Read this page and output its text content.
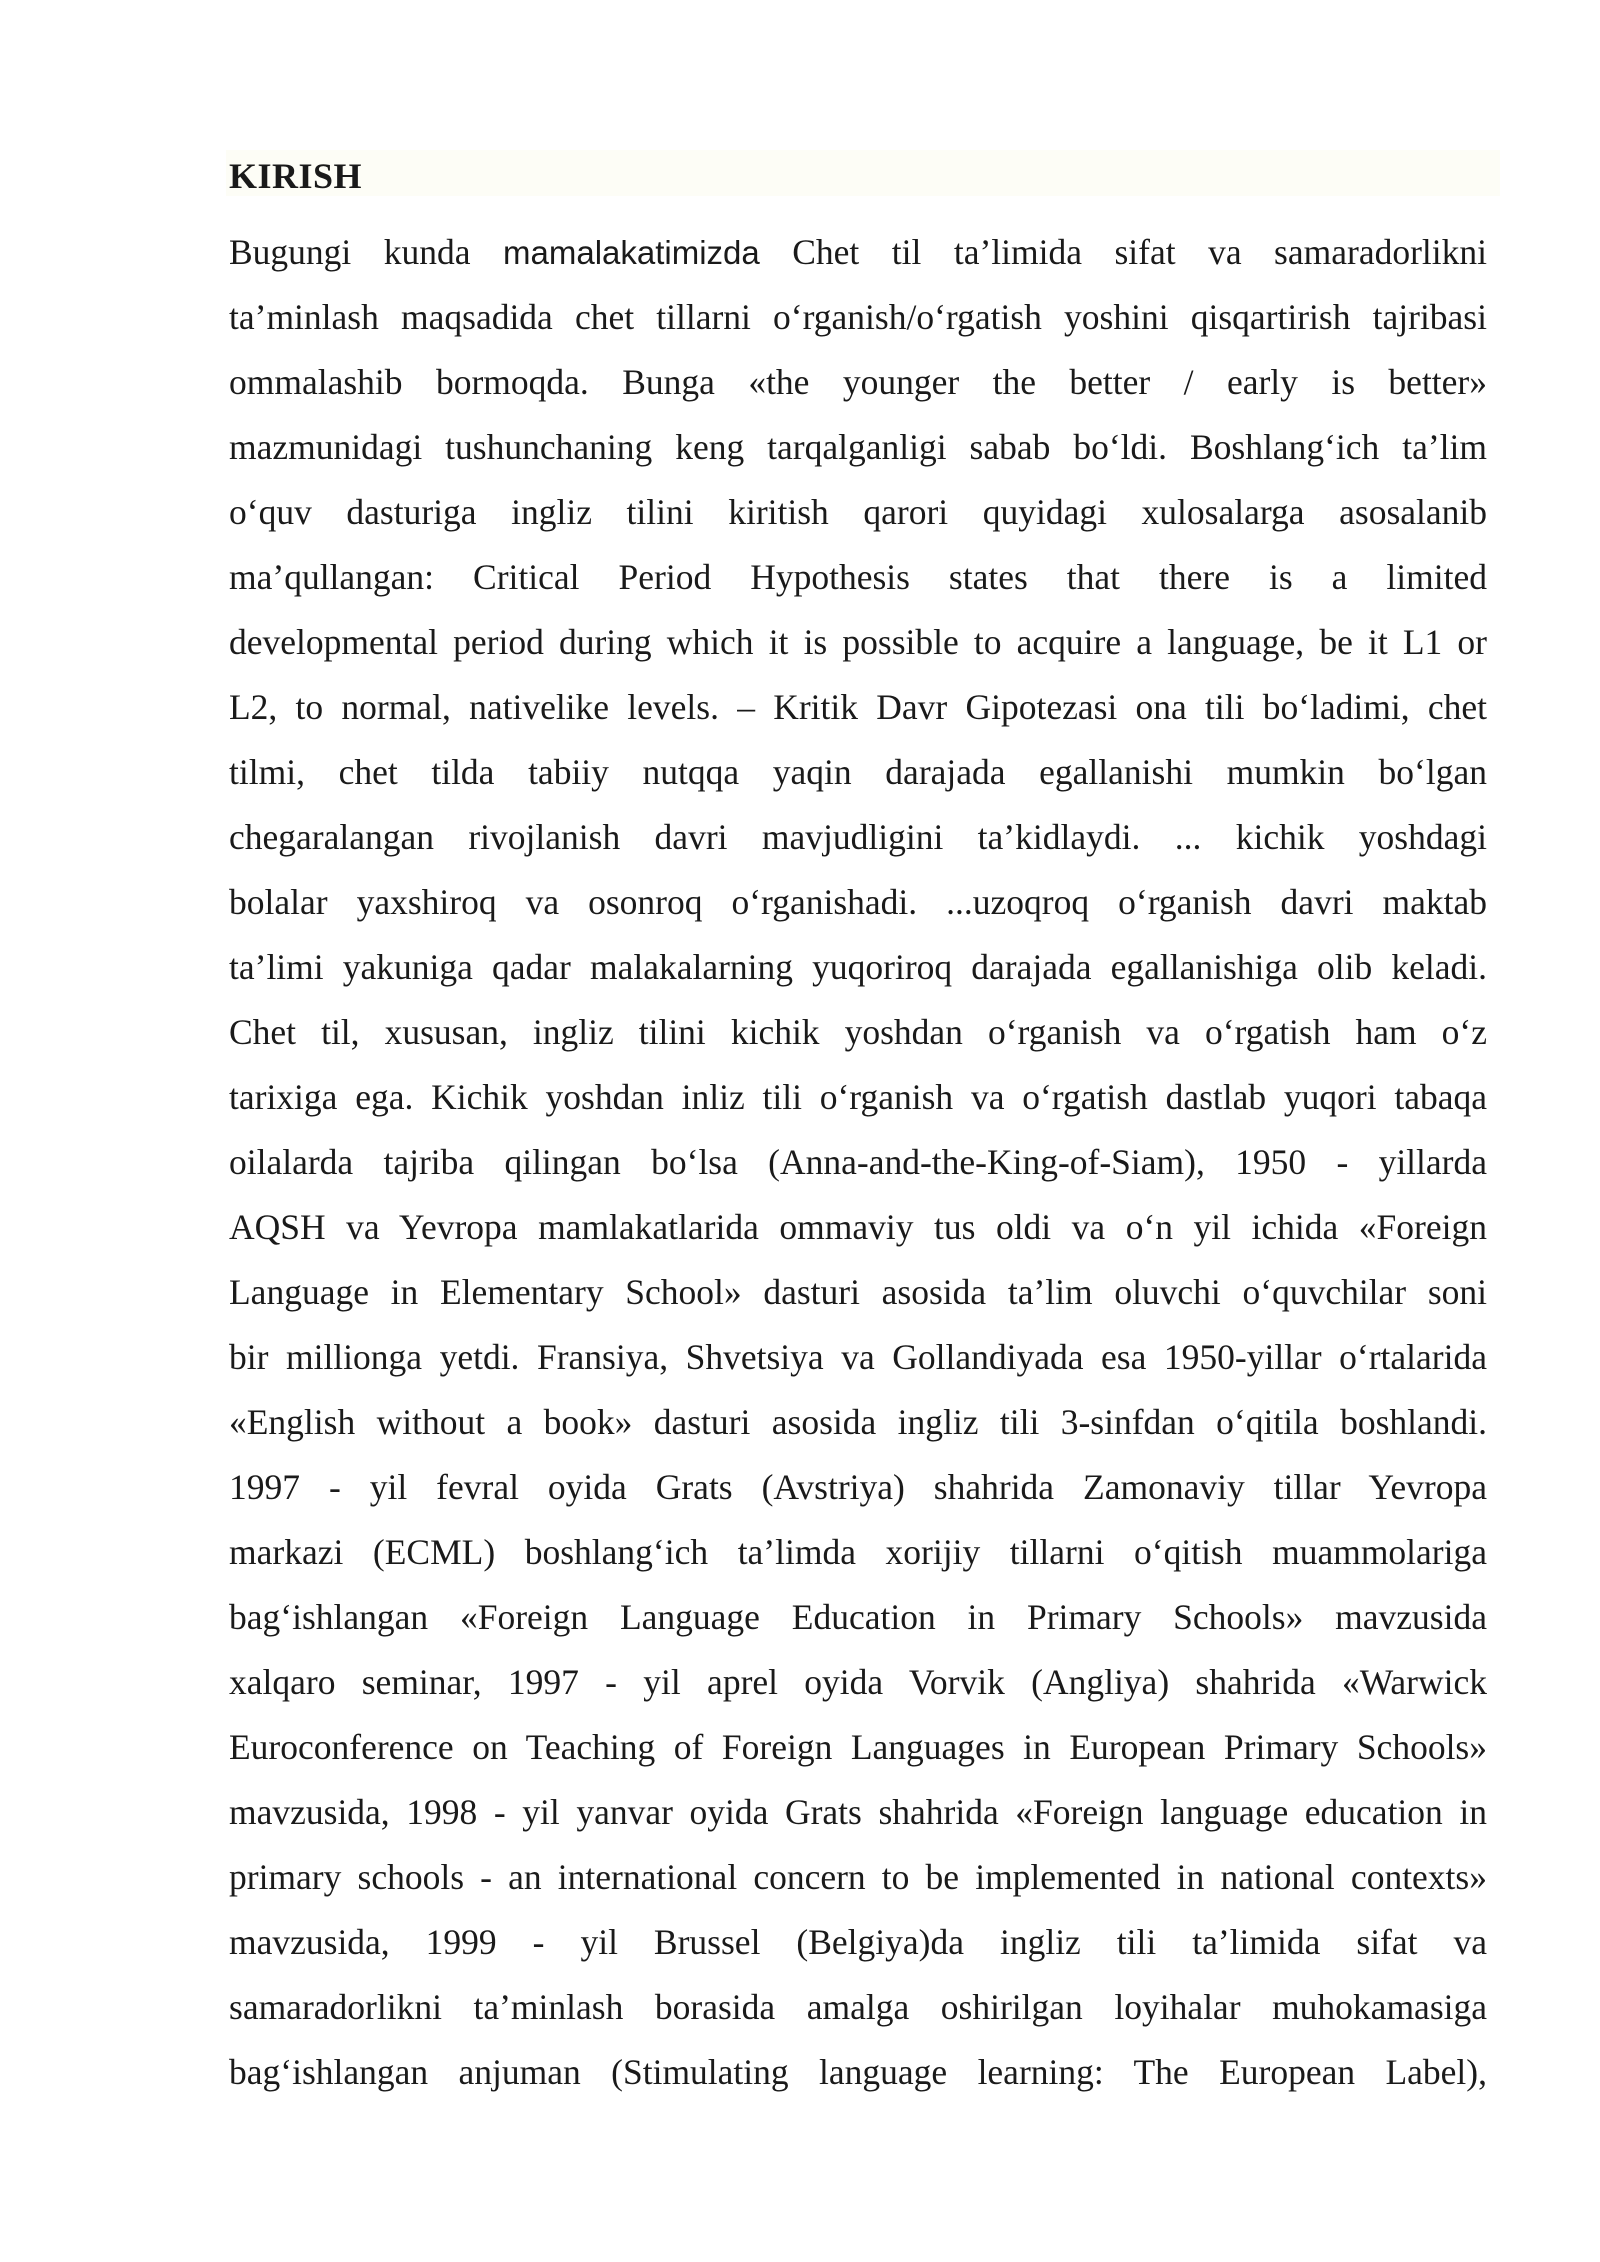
KIRISH
Bugungi kunda mamalakatimizda Chet til ta’limida sifat va samaradorlikni
ta’minlash maqsadida chet tillarni o‘rganish/o‘rgatish yoshini qisqartirish tajribasi
ommalashib bormoqda. Bunga «the younger the better / early is better»
mazmunidagi tushunchaning keng tarqalganligi sabab bo‘ldi. Boshlang‘ich ta’lim
o‘quv dasturiga ingliz tilini kiritish qarori quyidagi xulosalarga asosalanib
ma’qullangan: Critical Period Hypothesis states that there is a limited
developmental period during which it is possible to acquire a language, be it L1 or
L2, to normal, nativelike levels. – Kritik Davr Gipotezasi ona tili bo‘ladimi, chet
tilmi, chet tilda tabiiy nutqqa yaqin darajada egallanishi mumkin bo‘lgan
chegaralangan rivojlanish davri mavjudligini ta’kidlaydi. ... kichik yoshdagi
bolalar yaxshiroq va osonroq o‘rganishadi. ...uzoqroq o‘rganish davri maktab
ta’limi yakuniga qadar malakalarning yuqoriroq darajada egallanishiga olib keladi.
Chet til, xususan, ingliz tilini kichik yoshdan o‘rganish va o‘rgatish ham o‘z
tarixiga ega. Kichik yoshdan inliz tili o‘rganish va o‘rgatish dastlab yuqori tabaqa
oilalarda tajriba qilingan bo‘lsa (Anna-and-the-King-of-Siam), 1950 - yillarda
AQSH va Yevropa mamlakatlarida ommaviy tus oldi va o‘n yil ichida «Foreign
Language in Elementary School» dasturi asosida ta’lim oluvchi o‘quvchilar soni
bir millionga yetdi. Fransiya, Shvetsiya va Gollandiyada esa 1950-yillar o‘rtalarida
«English without a book» dasturi asosida ingliz tili 3-sinfdan o‘qitila boshlandi.
1997 - yil fevral oyida Grats (Avstriya) shahrida Zamonaviy tillar Yevropa
markazi (ECML) boshlang‘ich ta’limda xorijiy tillarni o‘qitish muammolariga
bag‘ishlangan «Foreign Language Education in Primary Schools» mavzusida
xalqaro seminar, 1997 - yil aprel oyida Vorvik (Angliya) shahrida «Warwick
Euroconference on Teaching of Foreign Languages in European Primary Schools»
mavzusida, 1998 - yil yanvar oyida Grats shahrida «Foreign language education in
primary schools - an international concern to be implemented in national contexts»
mavzusida, 1999 - yil Brussel (Belgiya)da ingliz tili ta’limida sifat va
samaradorlikni ta’minlash borasida amalga oshirilgan loyihalar muhokamasiga
bag‘ishlangan anjuman (Stimulating language learning: The European Label),
